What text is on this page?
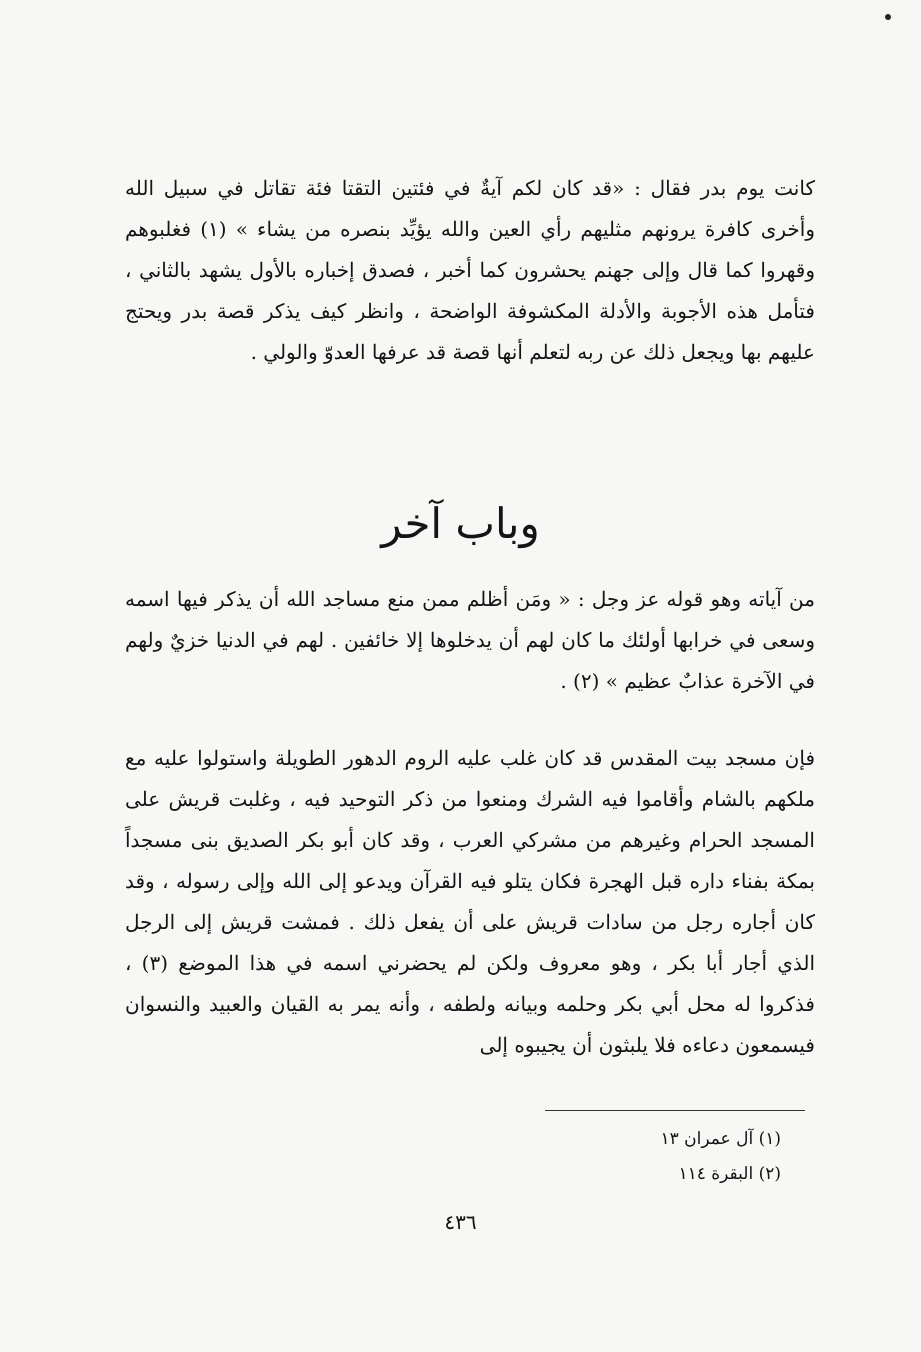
كانت يوم بدر فقال : «قد كان لكم آيةٌ في فئتين التقتا فئة تقاتل في سبيل الله وأخرى كافرة يرونهم مثليهم رأي العين والله يؤيِّد بنصره من يشاء » (١) فغلبوهم وقهروا كما قال وإلى جهنم يحشرون كما أخبر ، فصدق إخباره بالأول يشهد بالثاني ، فتأمل هذه الأجوبة والأدلة المكشوفة الواضحة ، وانظر كيف يذكر قصة بدر ويحتج عليهم بها ويجعل ذلك عن ربه لتعلم أنها قصة قد عرفها العدوّ والولي .

وباب آخر

من آياته وهو قوله عز وجل : « ومَن أظلم ممن منع مساجد الله أن يذكر فيها اسمه وسعى في خرابها أولئك ما كان لهم أن يدخلوها إلا خائفين . لهم في الدنيا خزيٌ ولهم في الآخرة عذابٌ عظيم » (٢) .

فإن مسجد بيت المقدس قد كان غلب عليه الروم الدهور الطويلة واستولوا عليه مع ملكهم بالشام وأقاموا فيه الشرك ومنعوا من ذكر التوحيد فيه ، وغلبت قريش على المسجد الحرام وغيرهم من مشركي العرب ، وقد كان أبو بكر الصديق بنى مسجداً بمكة بفناء داره قبل الهجرة فكان يتلو فيه القرآن ويدعو إلى الله وإلى رسوله ، وقد كان أجاره رجل من سادات قريش على أن يفعل ذلك . فمشت قريش إلى الرجل الذي أجار أبا بكر ، وهو معروف ولكن لم يحضرني اسمه في هذا الموضع (٣) ، فذكروا له محل أبي بكر وحلمه وبيانه ولطفه ، وأنه يمر به القيان والعبيد والنسوان فيسمعون دعاءه فلا يلبثون أن يجيبوه إلى

(١) آل عمران ١٣
(٢) البقرة ١١٤
٤٣٦
